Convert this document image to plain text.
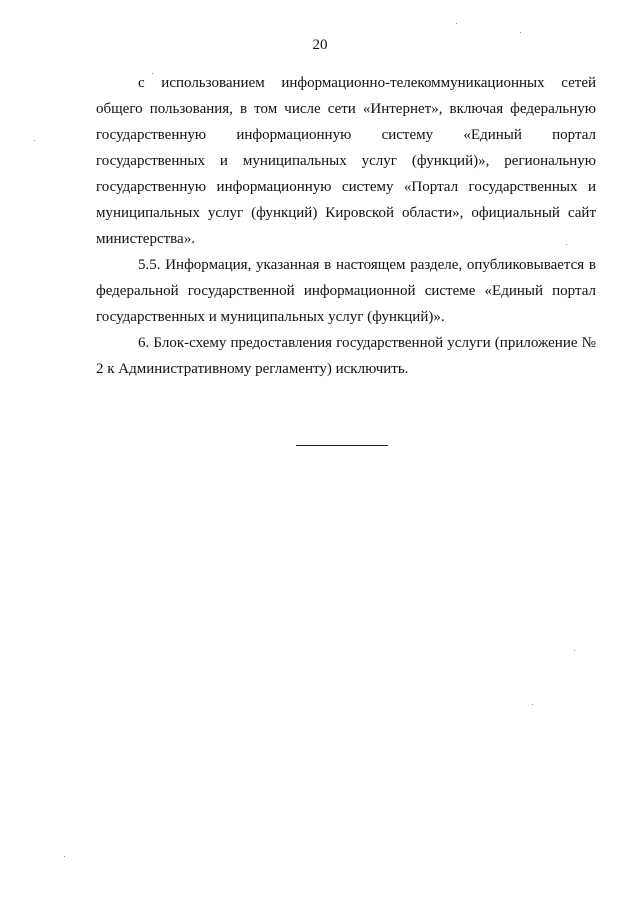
20

с использованием информационно-телекоммуникационных сетей общего пользования, в том числе сети «Интернет», включая федеральную государственную информационную систему «Единый портал государственных и муниципальных услуг (функций)», региональную государственную информационную систему «Портал государственных и муниципальных услуг (функций) Кировской области», официальный сайт министерства».

5.5. Информация, указанная в настоящем разделе, опубликовывается в федеральной государственной информационной системе «Единый портал государственных и муниципальных услуг (функций)».

6. Блок-схему предоставления государственной услуги (приложение № 2 к Административному регламенту) исключить.
